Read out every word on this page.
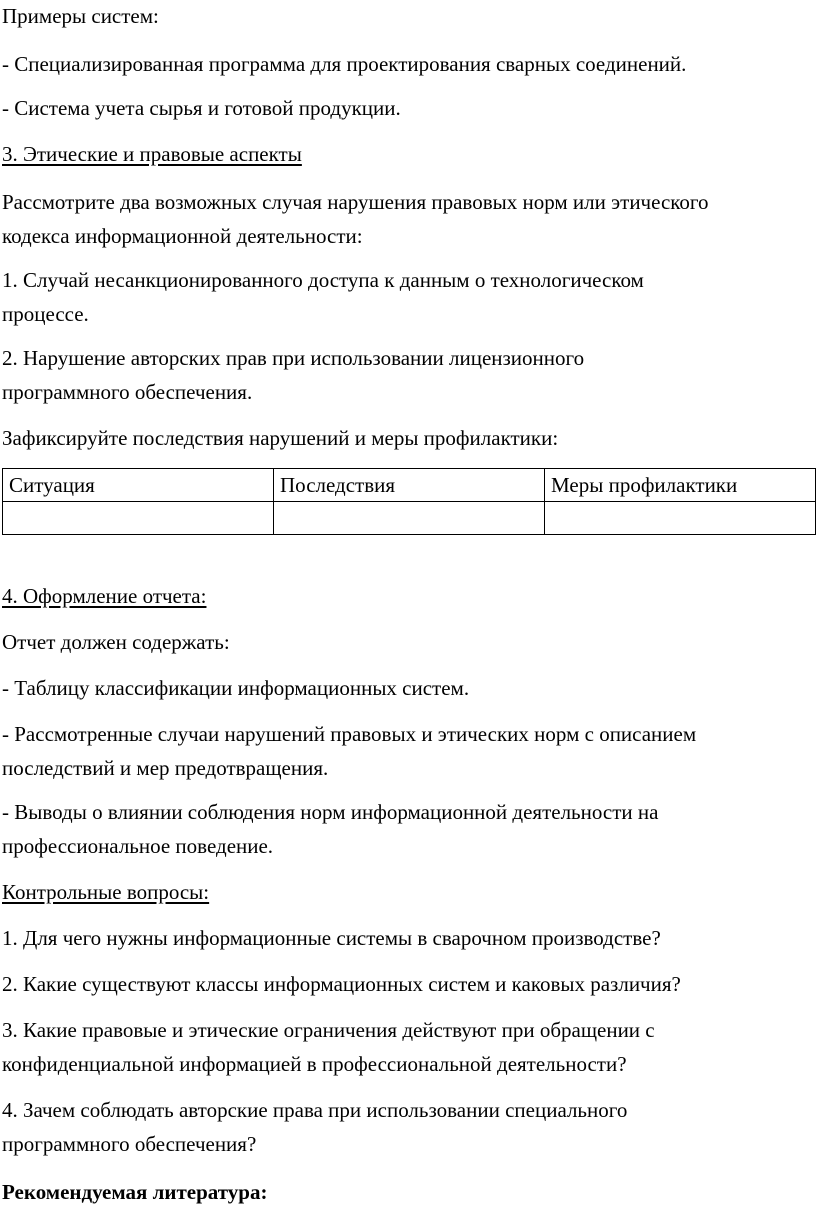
Примеры систем:
- Специализированная программа для проектирования сварных соединений.
- Система учета сырья и готовой продукции.
3. Этические и правовые аспекты
Рассмотрите два возможных случая нарушения правовых норм или этического
кодекса информационной деятельности:
1. Случай несанкционированного доступа к данным о технологическом
процессе.
2. Нарушение авторских прав при использовании лицензионного
программного обеспечения.
Зафиксируйте последствия нарушений и меры профилактики:
Ситуация	Последствия	Меры профилактики

4. Оформление отчета:
Отчет должен содержать:
- Таблицу классификации информационных систем.
- Рассмотренные случаи нарушений правовых и этических норм с описанием
последствий и мер предотвращения.
- Выводы о влиянии соблюдения норм информационной деятельности на
профессиональное поведение.
Контрольные вопросы:
1. Для чего нужны информационные системы в сварочном производстве?
2. Какие существуют классы информационных систем и каковых различия?
3. Какие правовые и этические ограничения действуют при обращении с
конфиденциальной информацией в профессиональной деятельности?
4. Зачем соблюдать авторские права при использовании специального
программного обеспечения?
Рекомендуемая литература:
